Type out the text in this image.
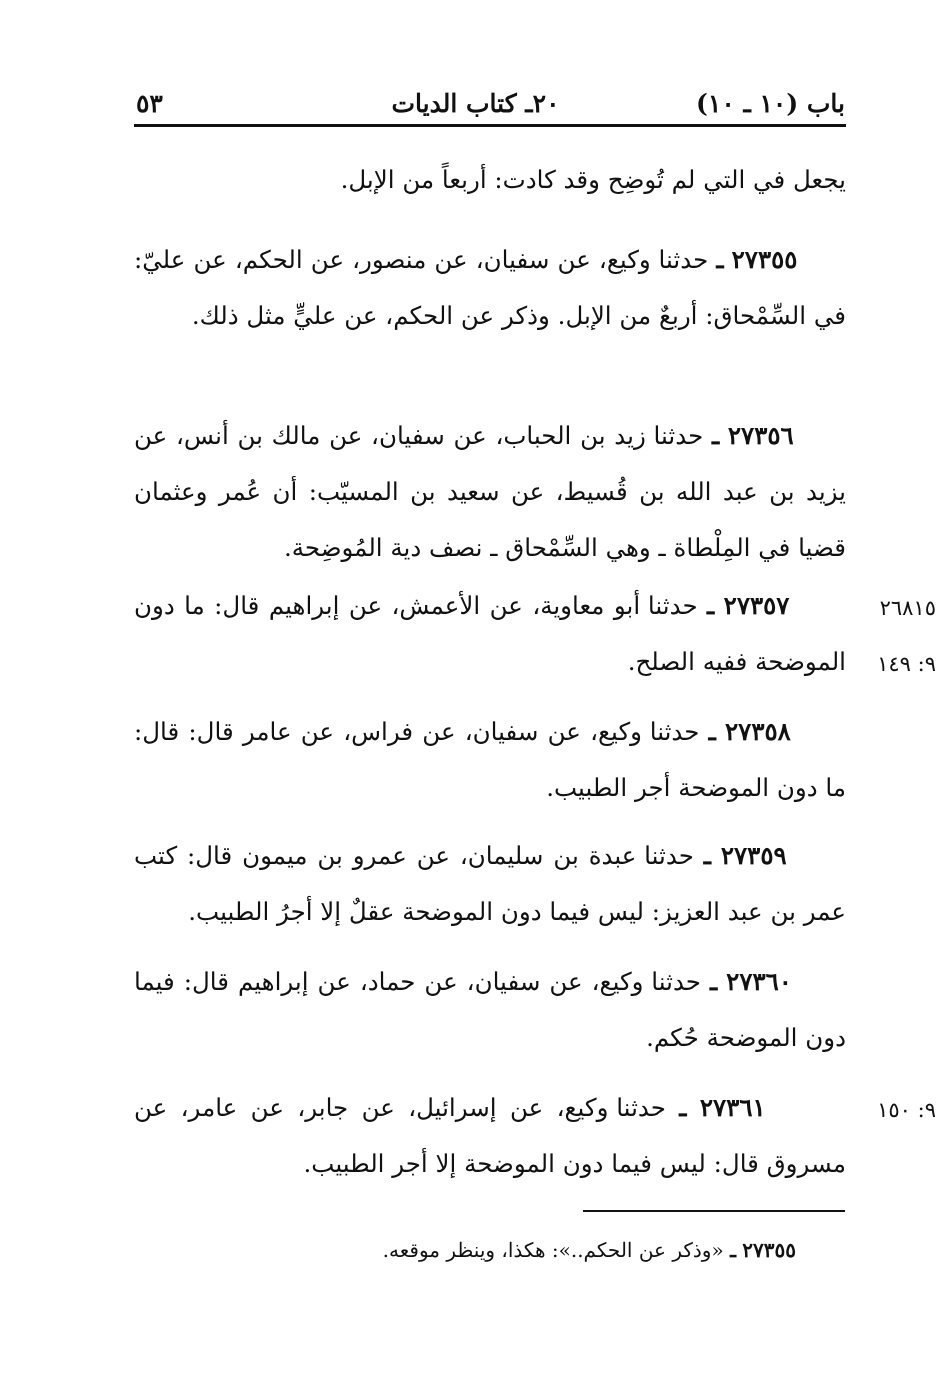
باب (١٠ ـ ١٠)
٢٠ـ كتاب الديات
٥٣
يجعل في التي لم تُوضِح وقد كادت: أربعاً من الإبل.
٢٧٣٥٥ ـ حدثنا وكيع، عن سفيان، عن منصور، عن الحكم، عن عليّ: في السِّمْحاق: أربعٌ من الإبل. وذكر عن الحكم، عن عليٍّ مثل ذلك.
٢٧٣٥٦ ـ حدثنا زيد بن الحباب، عن سفيان، عن مالك بن أنس، عن يزيد بن عبد الله بن قُسيط، عن سعيد بن المسيّب: أن عُمر وعثمان قضيا في المِلْطاة ـ وهي السِّمْحاق ـ نصف دية المُوضِحة.
٢٧٣٥٧ ـ حدثنا أبو معاوية، عن الأعمش، عن إبراهيم قال: ما دون الموضحة ففيه الصلح.
٢٦٨١٥
٩: ١٤٩
٢٧٣٥٨ ـ حدثنا وكيع، عن سفيان، عن فراس، عن عامر قال: قال: ما دون الموضحة أجر الطبيب.
٢٧٣٥٩ ـ حدثنا عبدة بن سليمان، عن عمرو بن ميمون قال: كتب عمر بن عبد العزيز: ليس فيما دون الموضحة عقلٌ إلا أجرُ الطبيب.
٢٧٣٦٠ ـ حدثنا وكيع، عن سفيان، عن حماد، عن إبراهيم قال: فيما دون الموضحة حُكم.
٢٧٣٦١ ـ حدثنا وكيع، عن إسرائيل، عن جابر، عن عامر، عن مسروق قال: ليس فيما دون الموضحة إلا أجر الطبيب.
٩: ١٥٠
٢٧٣٥٥ ـ «وذكر عن الحكم..»: هكذا، وينظر موقعه.
